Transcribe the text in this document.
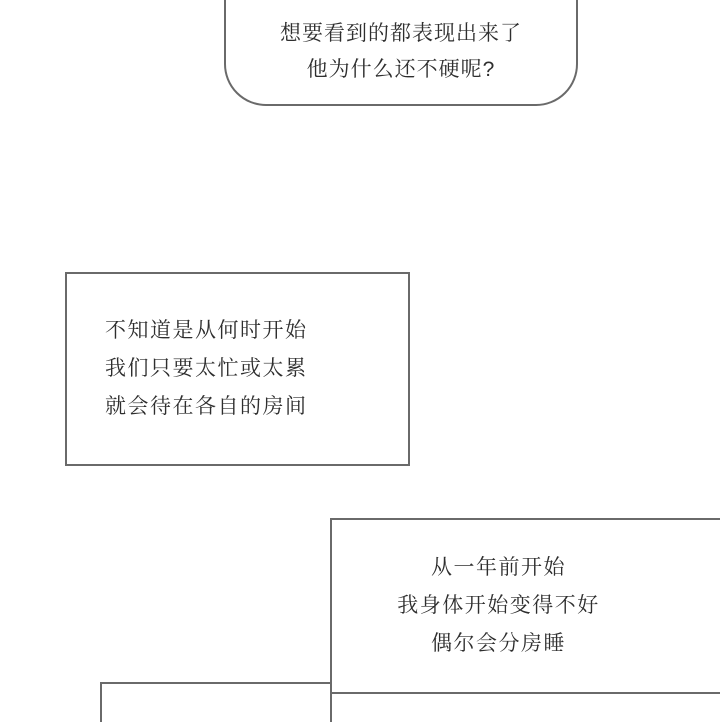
想要看到的都表现出来了
他为什么还不硬呢?
不知道是从何时开始
我们只要太忙或太累
就会待在各自的房间
从一年前开始
我身体开始变得不好
偶尔会分房睡
